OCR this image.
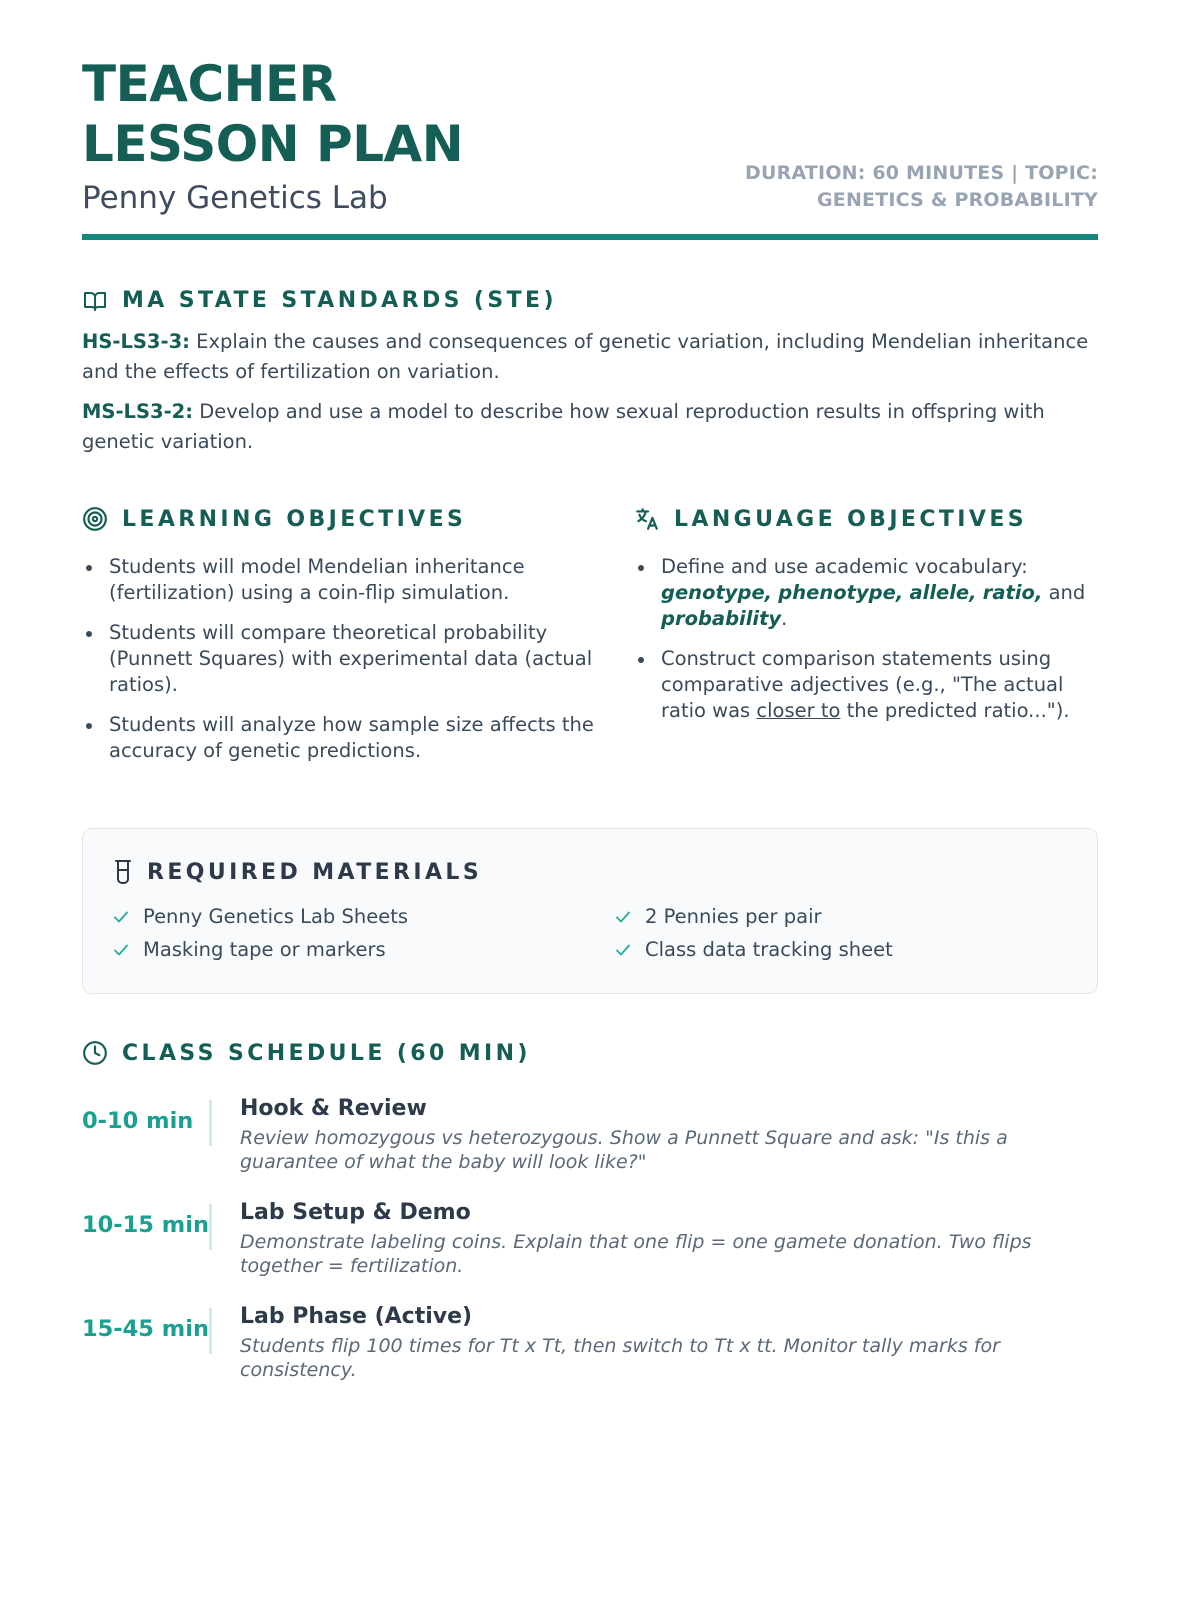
TEACHER LESSON PLAN
Penny Genetics Lab
DURATION: 60 MINUTES | TOPIC: GENETICS & PROBABILITY
MA STATE STANDARDS (STE)

HS-LS3-3: Explain the causes and consequences of genetic variation, including Mendelian inheritance and the effects of fertilization on variation.

MS-LS3-2: Develop and use a model to describe how sexual reproduction results in offspring with genetic variation.

LEARNING OBJECTIVES
Students will model Mendelian inheritance (fertilization) using a coin-flip simulation.
Students will compare theoretical probability (Punnett Squares) with experimental data (actual ratios).
Students will analyze how sample size affects the accuracy of genetic predictions.
LANGUAGE OBJECTIVES
Define and use academic vocabulary: genotype, phenotype, allele, ratio, and probability.
Construct comparison statements using comparative adjectives (e.g., "The actual ratio was closer to the predicted ratio...").
REQUIRED MATERIALS
Penny Genetics Lab Sheets	2 Pennies per pair
Masking tape or markers	Class data tracking sheet
CLASS SCHEDULE (60 MIN)
0-10 min	Hook & Review
Review homozygous vs heterozygous. Show a Punnett Square and ask: "Is this a guarantee of what the baby will look like?"
10-15 min Lab Setup & Demo
Demonstrate labeling coins. Explain that one flip = one gamete donation. Two flips together = fertilization.
15-45 min Lab Phase (Active)
Students flip 100 times for Tt x Tt, then switch to Tt x tt. Monitor tally marks for consistency.
